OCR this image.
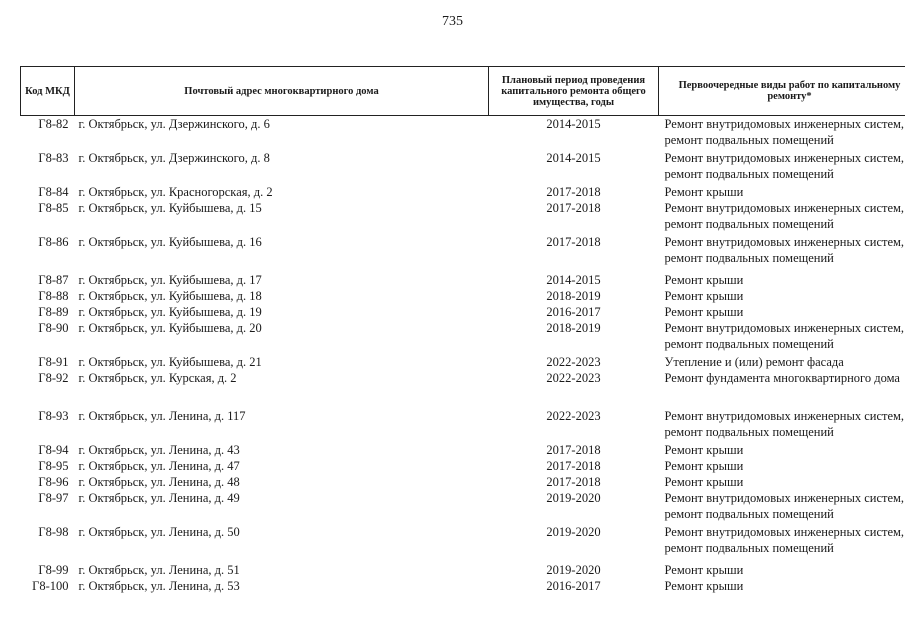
735
Код МКД	Почтовый адрес многоквартирного дома	Плановый период проведения капитального ремонта общего имущества, годы	Первоочередные виды работ по капитальному ремонту*
Г8-82	г. Октябрьск, ул. Дзержинского, д. 6	2014-2015	Ремонт внутридомовых инженерных систем,
ремонт подвальных помещений

Г8-83	г. Октябрьск, ул. Дзержинского, д. 8	2014-2015	Ремонт внутридомовых инженерных систем,
ремонт подвальных помещений

Г8-84	г. Октябрьск, ул. Красногорская, д. 2	2017-2018	Ремонт крыши

Г8-85	г. Октябрьск, ул. Куйбышева, д. 15	2017-2018	Ремонт внутридомовых инженерных систем,
ремонт подвальных помещений

Г8-86	г. Октябрьск, ул. Куйбышева, д. 16	2017-2018	Ремонт внутридомовых инженерных систем,
ремонт подвальных помещений

Г8-87	г. Октябрьск, ул. Куйбышева, д. 17	2014-2015	Ремонт крыши

Г8-88	г. Октябрьск, ул. Куйбышева, д. 18	2018-2019	Ремонт крыши

Г8-89	г. Октябрьск, ул. Куйбышева, д. 19	2016-2017	Ремонт крыши

Г8-90	г. Октябрьск, ул. Куйбышева, д. 20	2018-2019	Ремонт внутридомовых инженерных систем,
ремонт подвальных помещений

Г8-91	г. Октябрьск, ул. Куйбышева, д. 21	2022-2023	Утепление и (или) ремонт фасада

Г8-92	г. Октябрьск, ул. Курская, д. 2	2022-2023	Ремонт фундамента многоквартирного дома

Г8-93	г. Октябрьск, ул. Ленина, д. 117	2022-2023	Ремонт внутридомовых инженерных систем,
ремонт подвальных помещений

Г8-94	г. Октябрьск, ул. Ленина, д. 43	2017-2018	Ремонт крыши

Г8-95	г. Октябрьск, ул. Ленина, д. 47	2017-2018	Ремонт крыши

Г8-96	г. Октябрьск, ул. Ленина, д. 48	2017-2018	Ремонт крыши

Г8-97	г. Октябрьск, ул. Ленина, д. 49	2019-2020	Ремонт внутридомовых инженерных систем,
ремонт подвальных помещений

Г8-98	г. Октябрьск, ул. Ленина, д. 50	2019-2020	Ремонт внутридомовых инженерных систем,
ремонт подвальных помещений

Г8-99	г. Октябрьск, ул. Ленина, д. 51	2019-2020	Ремонт крыши

Г8-100	г. Октябрьск, ул. Ленина, д. 53	2016-2017	Ремонт крыши
